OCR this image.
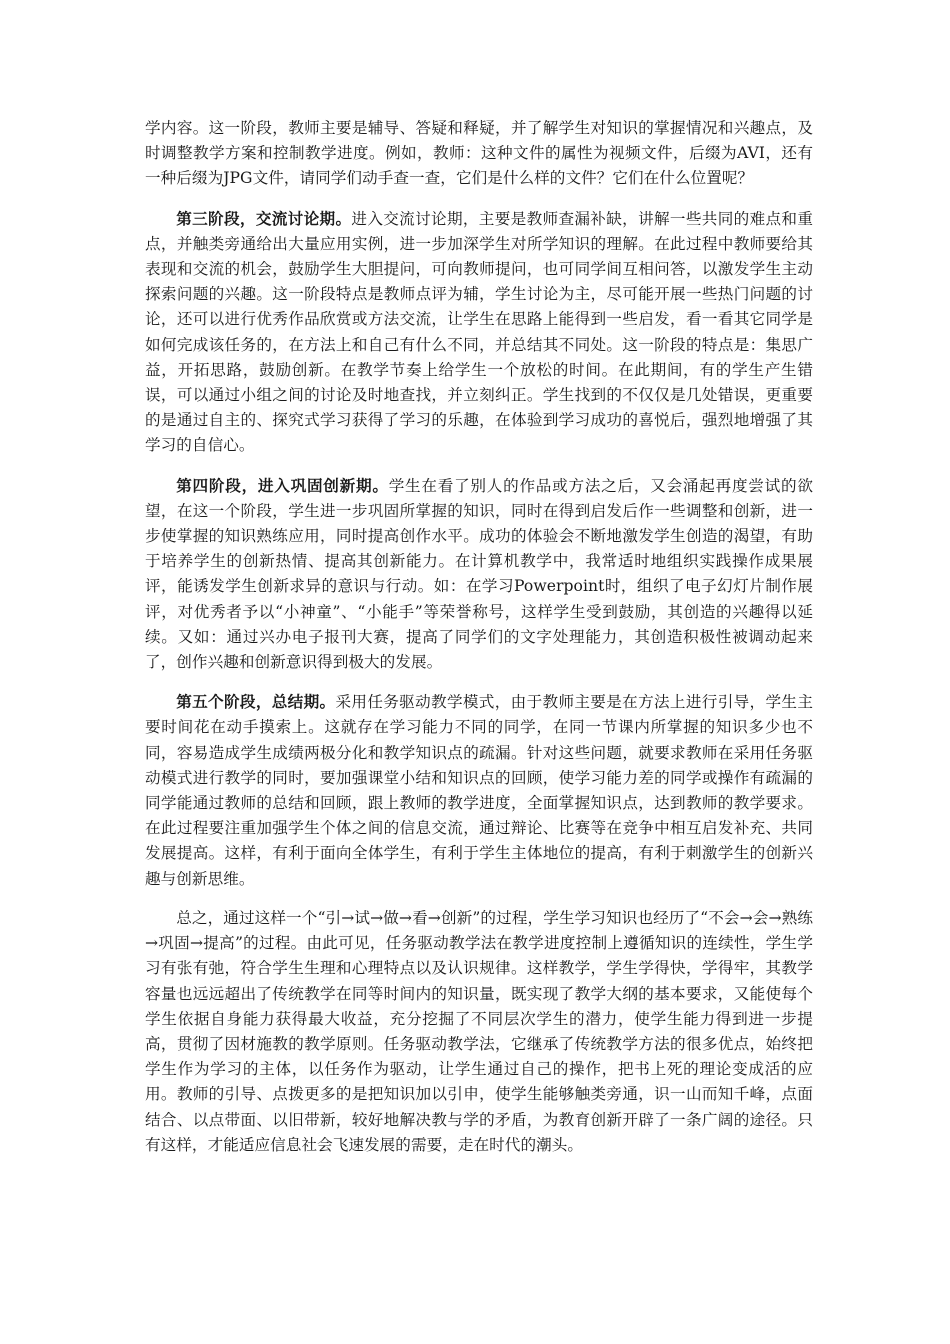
学内容。这一阶段，教师主要是辅导、答疑和释疑，并了解学生对知识的掌握情况和兴趣点，及时调整教学方案和控制教学进度。例如，教师：这种文件的属性为视频文件，后缀为AVI，还有一种后缀为JPG文件，请同学们动手查一查，它们是什么样的文件？它们在什么位置呢？

第三阶段，交流讨论期。进入交流讨论期，主要是教师查漏补缺，讲解一些共同的难点和重点，并触类旁通给出大量应用实例，进一步加深学生对所学知识的理解。在此过程中教师要给其表现和交流的机会，鼓励学生大胆提问，可向教师提问，也可同学间互相问答，以激发学生主动探索问题的兴趣。这一阶段特点是教师点评为辅，学生讨论为主，尽可能开展一些热门问题的讨论，还可以进行优秀作品欣赏或方法交流，让学生在思路上能得到一些启发，看一看其它同学是如何完成该任务的，在方法上和自己有什么不同，并总结其不同处。这一阶段的特点是：集思广益，开拓思路，鼓励创新。在教学节奏上给学生一个放松的时间。在此期间，有的学生产生错误，可以通过小组之间的讨论及时地查找，并立刻纠正。学生找到的不仅仅是几处错误，更重要的是通过自主的、探究式学习获得了学习的乐趣，在体验到学习成功的喜悦后，强烈地增强了其学习的自信心。

第四阶段，进入巩固创新期。学生在看了别人的作品或方法之后，又会涌起再度尝试的欲望，在这一个阶段，学生进一步巩固所掌握的知识，同时在得到启发后作一些调整和创新，进一步使掌握的知识熟练应用，同时提高创作水平。成功的体验会不断地激发学生创造的渴望，有助于培养学生的创新热情、提高其创新能力。在计算机教学中，我常适时地组织实践操作成果展评，能诱发学生创新求异的意识与行动。如：在学习Powerpoint时，组织了电子幻灯片制作展评，对优秀者予以“小神童”、“小能手”等荣誉称号，这样学生受到鼓励，其创造的兴趣得以延续。又如：通过兴办电子报刊大赛，提高了同学们的文字处理能力，其创造积极性被调动起来了，创作兴趣和创新意识得到极大的发展。

第五个阶段，总结期。采用任务驱动教学模式，由于教师主要是在方法上进行引导，学生主要时间花在动手摸索上。这就存在学习能力不同的同学，在同一节课内所掌握的知识多少也不同，容易造成学生成绩两极分化和教学知识点的疏漏。针对这些问题，就要求教师在采用任务驱动模式进行教学的同时，要加强课堂小结和知识点的回顾，使学习能力差的同学或操作有疏漏的同学能通过教师的总结和回顾，跟上教师的教学进度，全面掌握知识点，达到教师的教学要求。在此过程要注重加强学生个体之间的信息交流，通过辩论、比赛等在竞争中相互启发补充、共同发展提高。这样，有利于面向全体学生，有利于学生主体地位的提高，有利于刺激学生的创新兴趣与创新思维。

总之，通过这样一个“引→试→做→看→创新”的过程，学生学习知识也经历了“不会→会→熟练→巩固→提高”的过程。由此可见，任务驱动教学法在教学进度控制上遵循知识的连续性，学生学习有张有弛，符合学生生理和心理特点以及认识规律。这样教学，学生学得快，学得牢，其教学容量也远远超出了传统教学在同等时间内的知识量，既实现了教学大纲的基本要求，又能使每个学生依据自身能力获得最大收益，充分挖掘了不同层次学生的潜力，使学生能力得到进一步提高，贯彻了因材施教的教学原则。任务驱动教学法，它继承了传统教学方法的很多优点，始终把学生作为学习的主体，以任务作为驱动，让学生通过自己的操作，把书上死的理论变成活的应用。教师的引导、点拨更多的是把知识加以引申，使学生能够触类旁通，识一山而知千峰，点面结合、以点带面、以旧带新，较好地解决教与学的矛盾，为教育创新开辟了一条广阔的途径。只有这样，才能适应信息社会飞速发展的需要，走在时代的潮头。
